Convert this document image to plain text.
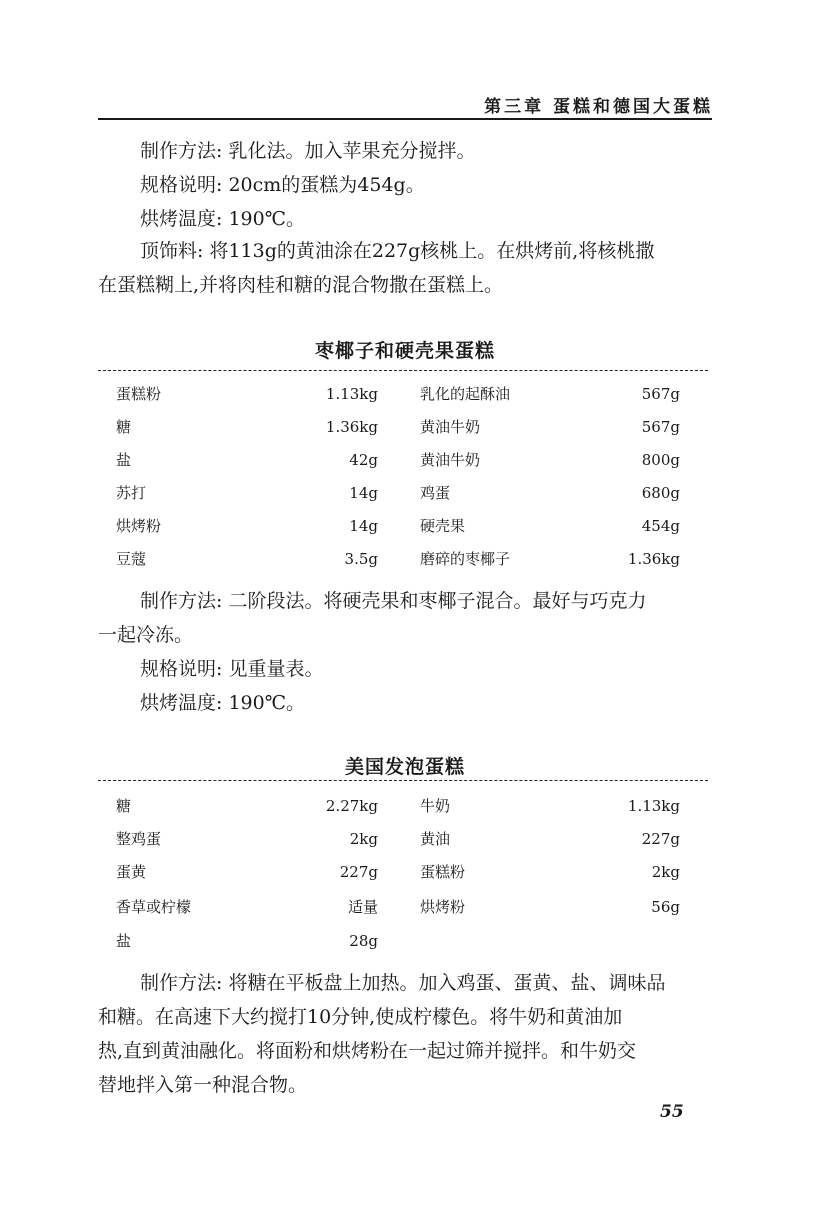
第三章 蛋糕和德国大蛋糕
制作方法: 乳化法。加入苹果充分搅拌。
规格说明: 20cm的蛋糕为454g。
烘烤温度: 190℃。
顶饰料: 将113g的黄油涂在227g核桃上。在烘烤前,将核桃撒
在蛋糕糊上,并将肉桂和糖的混合物撒在蛋糕上。
枣椰子和硬壳果蛋糕
蛋糕粉	1.13kg	乳化的起酥油	567g
糖	1.36kg	黄油牛奶	567g
盐	42g	黄油牛奶	800g
苏打	14g	鸡蛋	680g
烘烤粉	14g	硬壳果	454g
豆蔻	3.5g	磨碎的枣椰子	1.36kg
制作方法: 二阶段法。将硬壳果和枣椰子混合。最好与巧克力
一起冷冻。
规格说明: 见重量表。
烘烤温度: 190℃。
美国发泡蛋糕
糖	2.27kg	牛奶	1.13kg
整鸡蛋	2kg	黄油	227g
蛋黄	227g	蛋糕粉	2kg
香草或柠檬	适量	烘烤粉	56g
盐	28g
制作方法: 将糖在平板盘上加热。加入鸡蛋、蛋黄、盐、调味品
和糖。在高速下大约搅打10分钟,使成柠檬色。将牛奶和黄油加
热,直到黄油融化。将面粉和烘烤粉在一起过筛并搅拌。和牛奶交
替地拌入第一种混合物。
55
